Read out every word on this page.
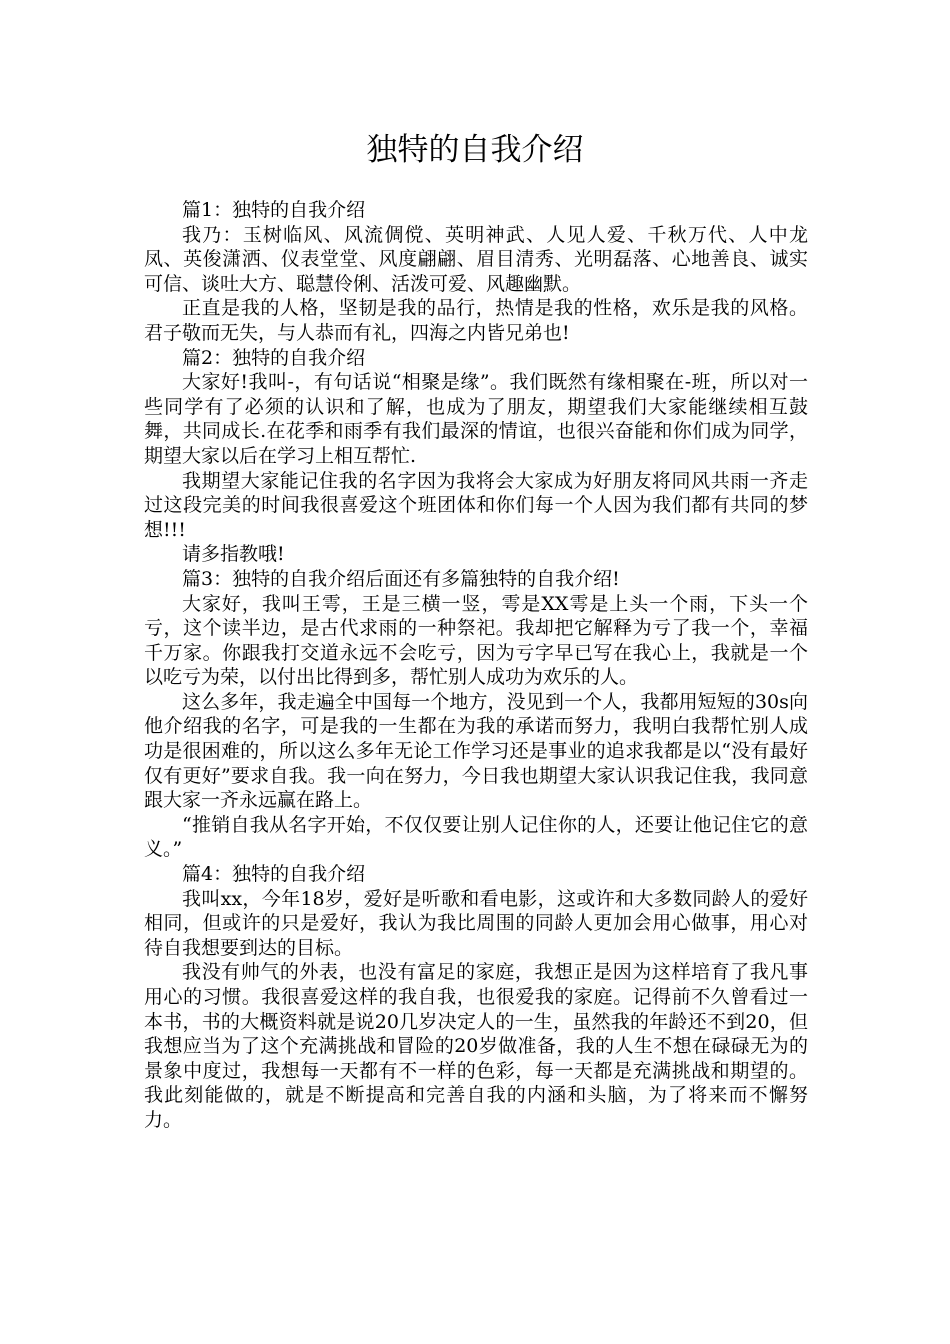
独特的自我介绍

篇1：独特的自我介绍

我乃：玉树临风、风流倜傥、英明神武、人见人爱、千秋万代、人中龙凤、英俊潇洒、仪表堂堂、风度翩翩、眉目清秀、光明磊落、心地善良、诚实可信、谈吐大方、聪慧伶俐、活泼可爱、风趣幽默。

正直是我的人格，坚韧是我的品行，热情是我的性格，欢乐是我的风格。君子敬而无失，与人恭而有礼，四海之内皆兄弟也!

篇2：独特的自我介绍

大家好!我叫-，有句话说“相聚是缘”。我们既然有缘相聚在-班，所以对一些同学有了必须的认识和了解，也成为了朋友，期望我们大家能继续相互鼓舞，共同成长.在花季和雨季有我们最深的情谊，也很兴奋能和你们成为同学，期望大家以后在学习上相互帮忙.

我期望大家能记住我的名字因为我将会大家成为好朋友将同风共雨一齐走过这段完美的时间我很喜爱这个班团体和你们每一个人因为我们都有共同的梦想!!!

请多指教哦!

篇3：独特的自我介绍后面还有多篇独特的自我介绍!

大家好，我叫王雩，王是三横一竖，雩是XX雩是上头一个雨，下头一个亏，这个读半边，是古代求雨的一种祭祀。我却把它解释为亏了我一个，幸福千万家。你跟我打交道永远不会吃亏，因为亏字早已写在我心上，我就是一个以吃亏为荣，以付出比得到多，帮忙别人成功为欢乐的人。

这么多年，我走遍全中国每一个地方，没见到一个人，我都用短短的30s向他介绍我的名字，可是我的一生都在为我的承诺而努力，我明白我帮忙别人成功是很困难的，所以这么多年无论工作学习还是事业的追求我都是以“没有最好仅有更好”要求自我。我一向在努力，今日我也期望大家认识我记住我，我同意跟大家一齐永远赢在路上。

“推销自我从名字开始，不仅仅要让别人记住你的人，还要让他记住它的意义。”

篇4：独特的自我介绍

我叫xx，今年18岁，爱好是听歌和看电影，这或许和大多数同龄人的爱好相同，但或许的只是爱好，我认为我比周围的同龄人更加会用心做事，用心对待自我想要到达的目标。

我没有帅气的外表，也没有富足的家庭，我想正是因为这样培育了我凡事用心的习惯。我很喜爱这样的我自我，也很爱我的家庭。记得前不久曾看过一本书，书的大概资料就是说20几岁决定人的一生，虽然我的年龄还不到20，但我想应当为了这个充满挑战和冒险的20岁做准备，我的人生不想在碌碌无为的景象中度过，我想每一天都有不一样的色彩，每一天都是充满挑战和期望的。我此刻能做的，就是不断提高和完善自我的内涵和头脑，为了将来而不懈努力。
